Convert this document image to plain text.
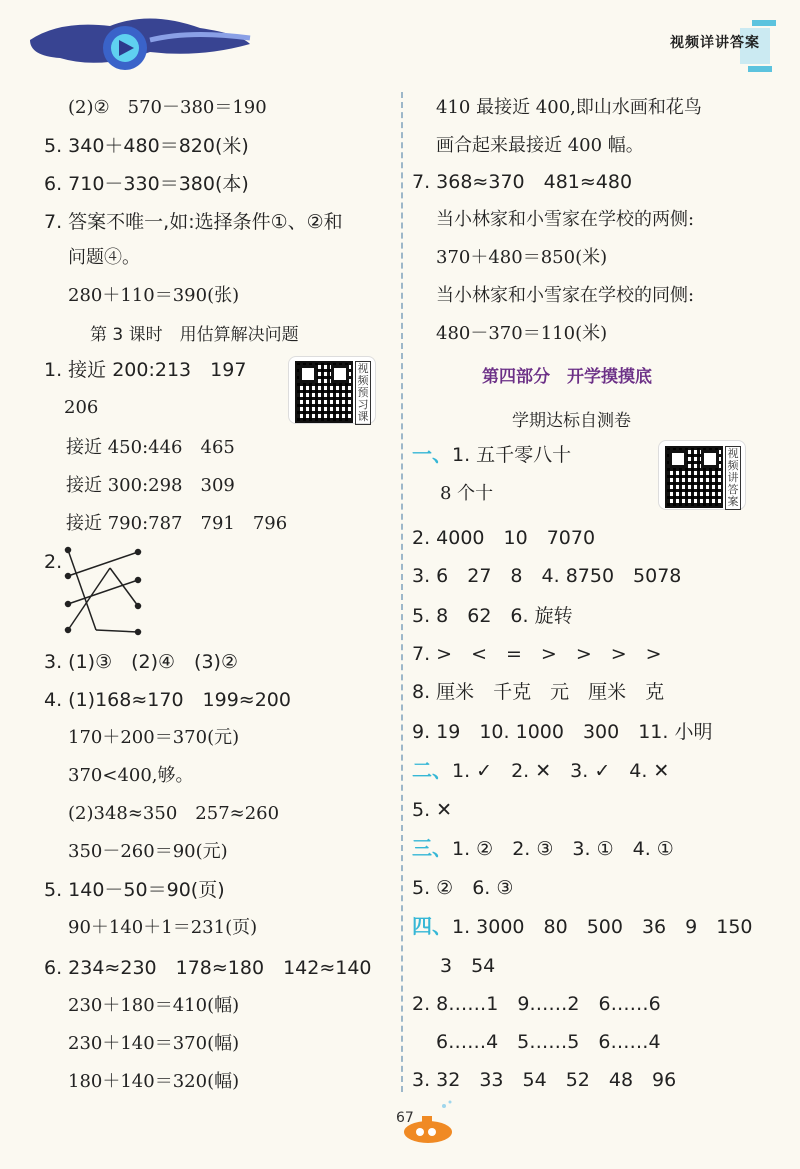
视频详讲答案
(2)②　570－380＝190
5. 340＋480＝820(米)
6. 710－330＝380(本)
7. 答案不唯一,如:选择条件①、②和
问题④。
280＋110＝390(张)
第 3 课时　用估算解决问题
1. 接近 200:213　197
206
视频预习课
接近 450:446　465
接近 300:298　309
接近 790:787　791　796
2.
3. (1)③　(2)④　(3)②
4. (1)168≈170　199≈200
170＋200＝370(元)
370<400,够。
(2)348≈350　257≈260
350－260＝90(元)
5. 140－50＝90(页)
90＋140＋1＝231(页)
6. 234≈230　178≈180　142≈140
230＋180＝410(幅)
230＋140＝370(幅)
180＋140＝320(幅)
410 最接近 400,即山水画和花鸟
画合起来最接近 400 幅。
7. 368≈370　481≈480
当小林家和小雪家在学校的两侧:
370＋480＝850(米)
当小林家和小雪家在学校的同侧:
480－370＝110(米)
第四部分　开学摸摸底
学期达标自测卷
视频讲答案
一、1. 五千零八十
8 个十
2. 4000　10　7070
3. 6　27　8　4. 8750　5078
5. 8　62　6. 旋转
7. >　<　=　>　>　>　>
8. 厘米　千克　元　厘米　克
9. 19　10. 1000　300　11. 小明
二、1. ✓　2. ✕　3. ✓　4. ✕
5. ✕
三、1. ②　2. ③　3. ①　4. ①
5. ②　6. ③
四、1. 3000　80　500　36　9　150
3　54
2. 8……1　9……2　6……6
6……4　5……5　6……4
3. 32　33　54　52　48　96
67
